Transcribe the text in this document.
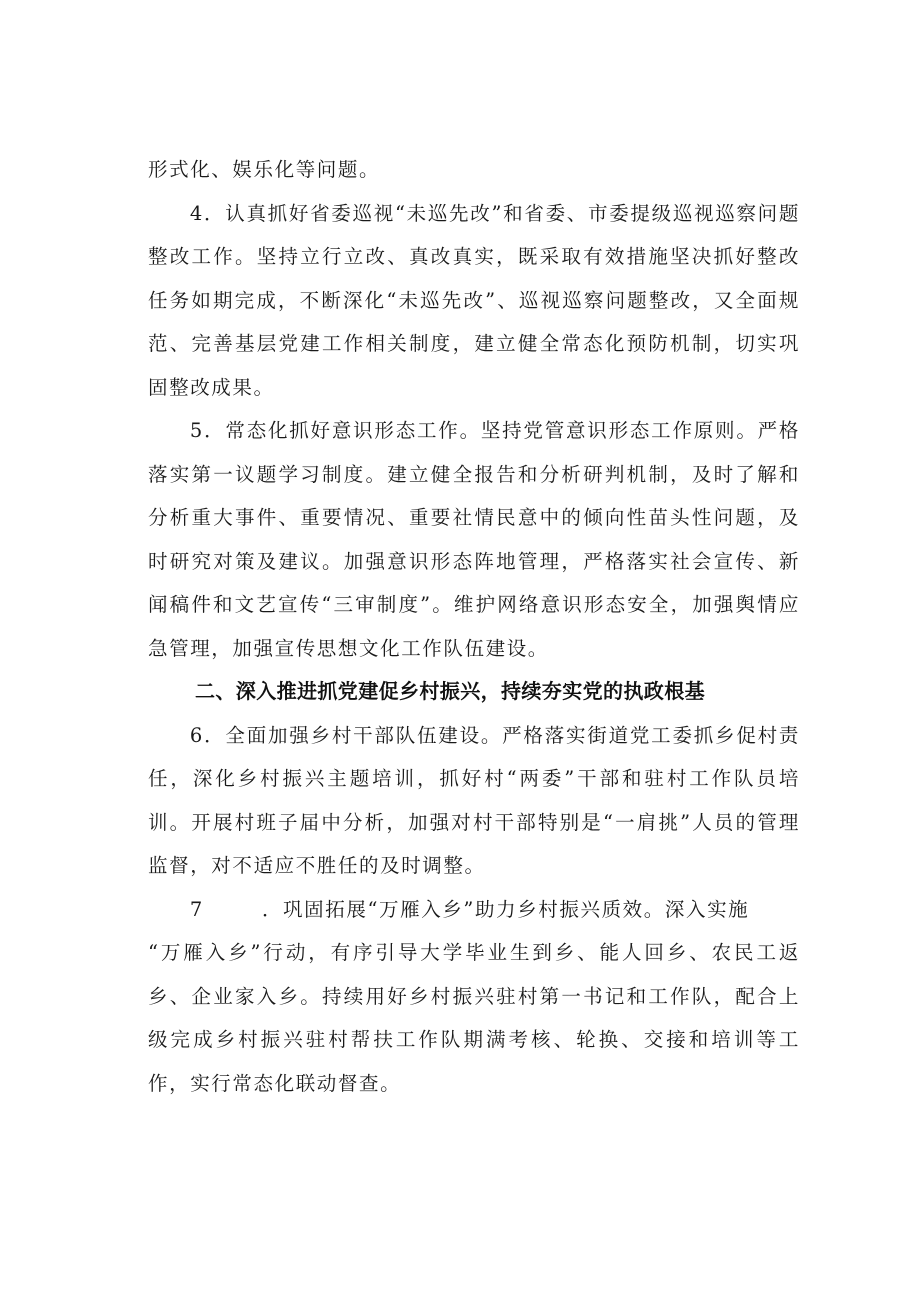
形式化、娱乐化等问题。

4．认真抓好省委巡视“未巡先改”和省委、市委提级巡视巡察问题整改工作。坚持立行立改、真改真实，既采取有效措施坚决抓好整改任务如期完成，不断深化“未巡先改”、巡视巡察问题整改，又全面规范、完善基层党建工作相关制度，建立健全常态化预防机制，切实巩固整改成果。

5．常态化抓好意识形态工作。坚持党管意识形态工作原则。严格落实第一议题学习制度。建立健全报告和分析研判机制，及时了解和分析重大事件、重要情况、重要社情民意中的倾向性苗头性问题，及时研究对策及建议。加强意识形态阵地管理，严格落实社会宣传、新闻稿件和文艺宣传“三审制度”。维护网络意识形态安全，加强舆情应急管理，加强宣传思想文化工作队伍建设。

二、深入推进抓党建促乡村振兴，持续夯实党的执政根基

6．全面加强乡村干部队伍建设。严格落实街道党工委抓乡促村责任，深化乡村振兴主题培训，抓好村“两委”干部和驻村工作队员培训。开展村班子届中分析，加强对村干部特别是“一肩挑”人员的管理监督，对不适应不胜任的及时调整。

7	．巩固拓展“万雁入乡”助力乡村振兴质效。深入实施
“万雁入乡”行动，有序引导大学毕业生到乡、能人回乡、农民工返乡、企业家入乡。持续用好乡村振兴驻村第一书记和工作队，配合上级完成乡村振兴驻村帮扶工作队期满考核、轮换、交接和培训等工作，实行常态化联动督查。
